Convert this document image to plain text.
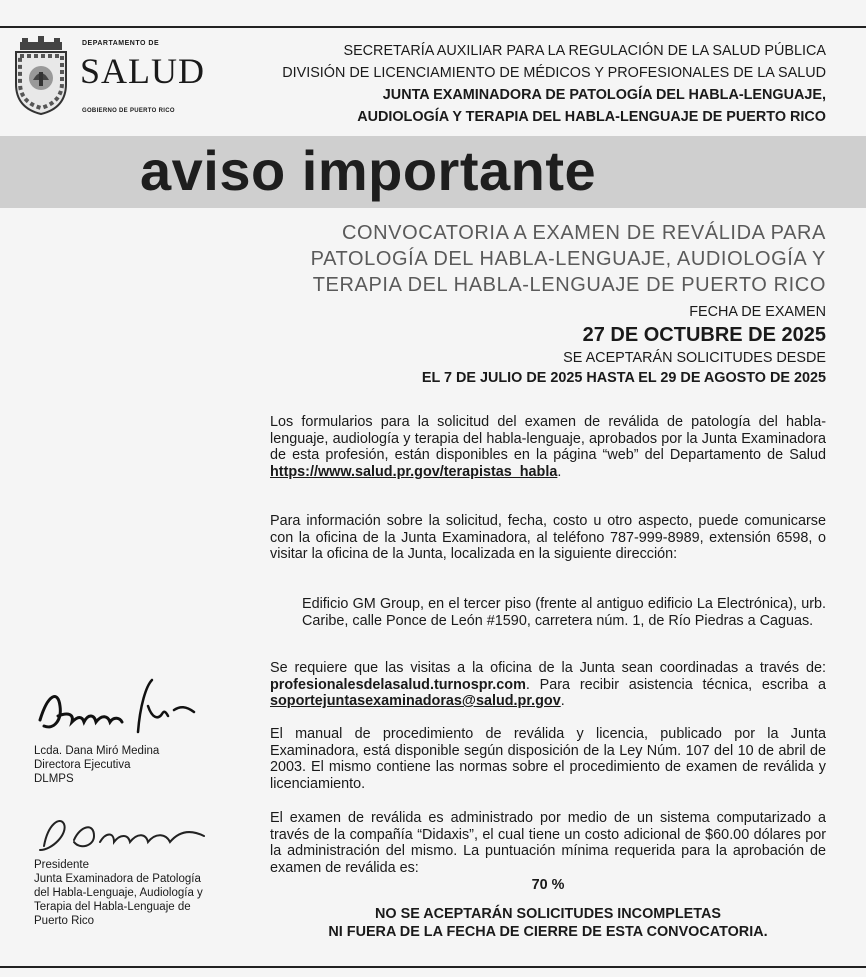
DEPARTAMENTO DE
SALUD
GOBIERNO DE PUERTO RICO
SECRETARÍA AUXILIAR PARA LA REGULACIÓN DE LA SALUD PÚBLICA
DIVISIÓN DE LICENCIAMIENTO DE MÉDICOS Y PROFESIONALES DE LA SALUD
JUNTA EXAMINADORA DE PATOLOGÍA DEL HABLA-LENGUAJE,
AUDIOLOGÍA Y TERAPIA DEL HABLA-LENGUAJE DE PUERTO RICO
aviso importante
CONVOCATORIA A EXAMEN DE REVÁLIDA PARA
PATOLOGÍA DEL HABLA-LENGUAJE, AUDIOLOGÍA Y
TERAPIA DEL HABLA-LENGUAJE DE PUERTO RICO
FECHA DE EXAMEN
27 DE OCTUBRE DE 2025
SE ACEPTARÁN SOLICITUDES DESDE
EL 7 DE JULIO DE 2025 HASTA EL 29 DE AGOSTO DE 2025

Los formularios para la solicitud del examen de reválida de patología del habla-lenguaje, audiología y terapia del habla-lenguaje, aprobados por la Junta Examinadora de esta profesión, están disponibles en la página “web” del Departamento de Salud https://www.salud.pr.gov/terapistas_habla.

Para información sobre la solicitud, fecha, costo u otro aspecto, puede comunicarse con la oficina de la Junta Examinadora, al teléfono 787-999-8989, extensión 6598, o visitar la oficina de la Junta, localizada en la siguiente dirección:

Edificio GM Group, en el tercer piso (frente al antiguo edificio La Electrónica), urb. Caribe, calle Ponce de León #1590, carretera núm. 1, de Río Piedras a Caguas.

Se requiere que las visitas a la oficina de la Junta sean coordinadas a través de: profesionalesdelasalud.turnospr.com. Para recibir asistencia técnica, escriba a soportejuntasexaminadoras@salud.pr.gov.

El manual de procedimiento de reválida y licencia, publicado por la Junta Examinadora, está disponible según disposición de la Ley Núm. 107 del 10 de abril de 2003. El mismo contiene las normas sobre el procedimiento de examen de reválida y licenciamiento.

El examen de reválida es administrado por medio de un sistema computarizado a través de la compañía “Didaxis”, el cual tiene un costo adicional de $60.00 dólares por la administración del mismo. La puntuación mínima requerida para la aprobación de examen de reválida es:

70 %
NO SE ACEPTARÁN SOLICITUDES INCOMPLETAS
NI FUERA DE LA FECHA DE CIERRE DE ESTA CONVOCATORIA.
Lcda. Dana Miró Medina
Directora Ejecutiva
DLMPS
Presidente
Junta Examinadora de Patología
del Habla-Lenguaje, Audiología y
Terapia del Habla-Lenguaje de
Puerto Rico
